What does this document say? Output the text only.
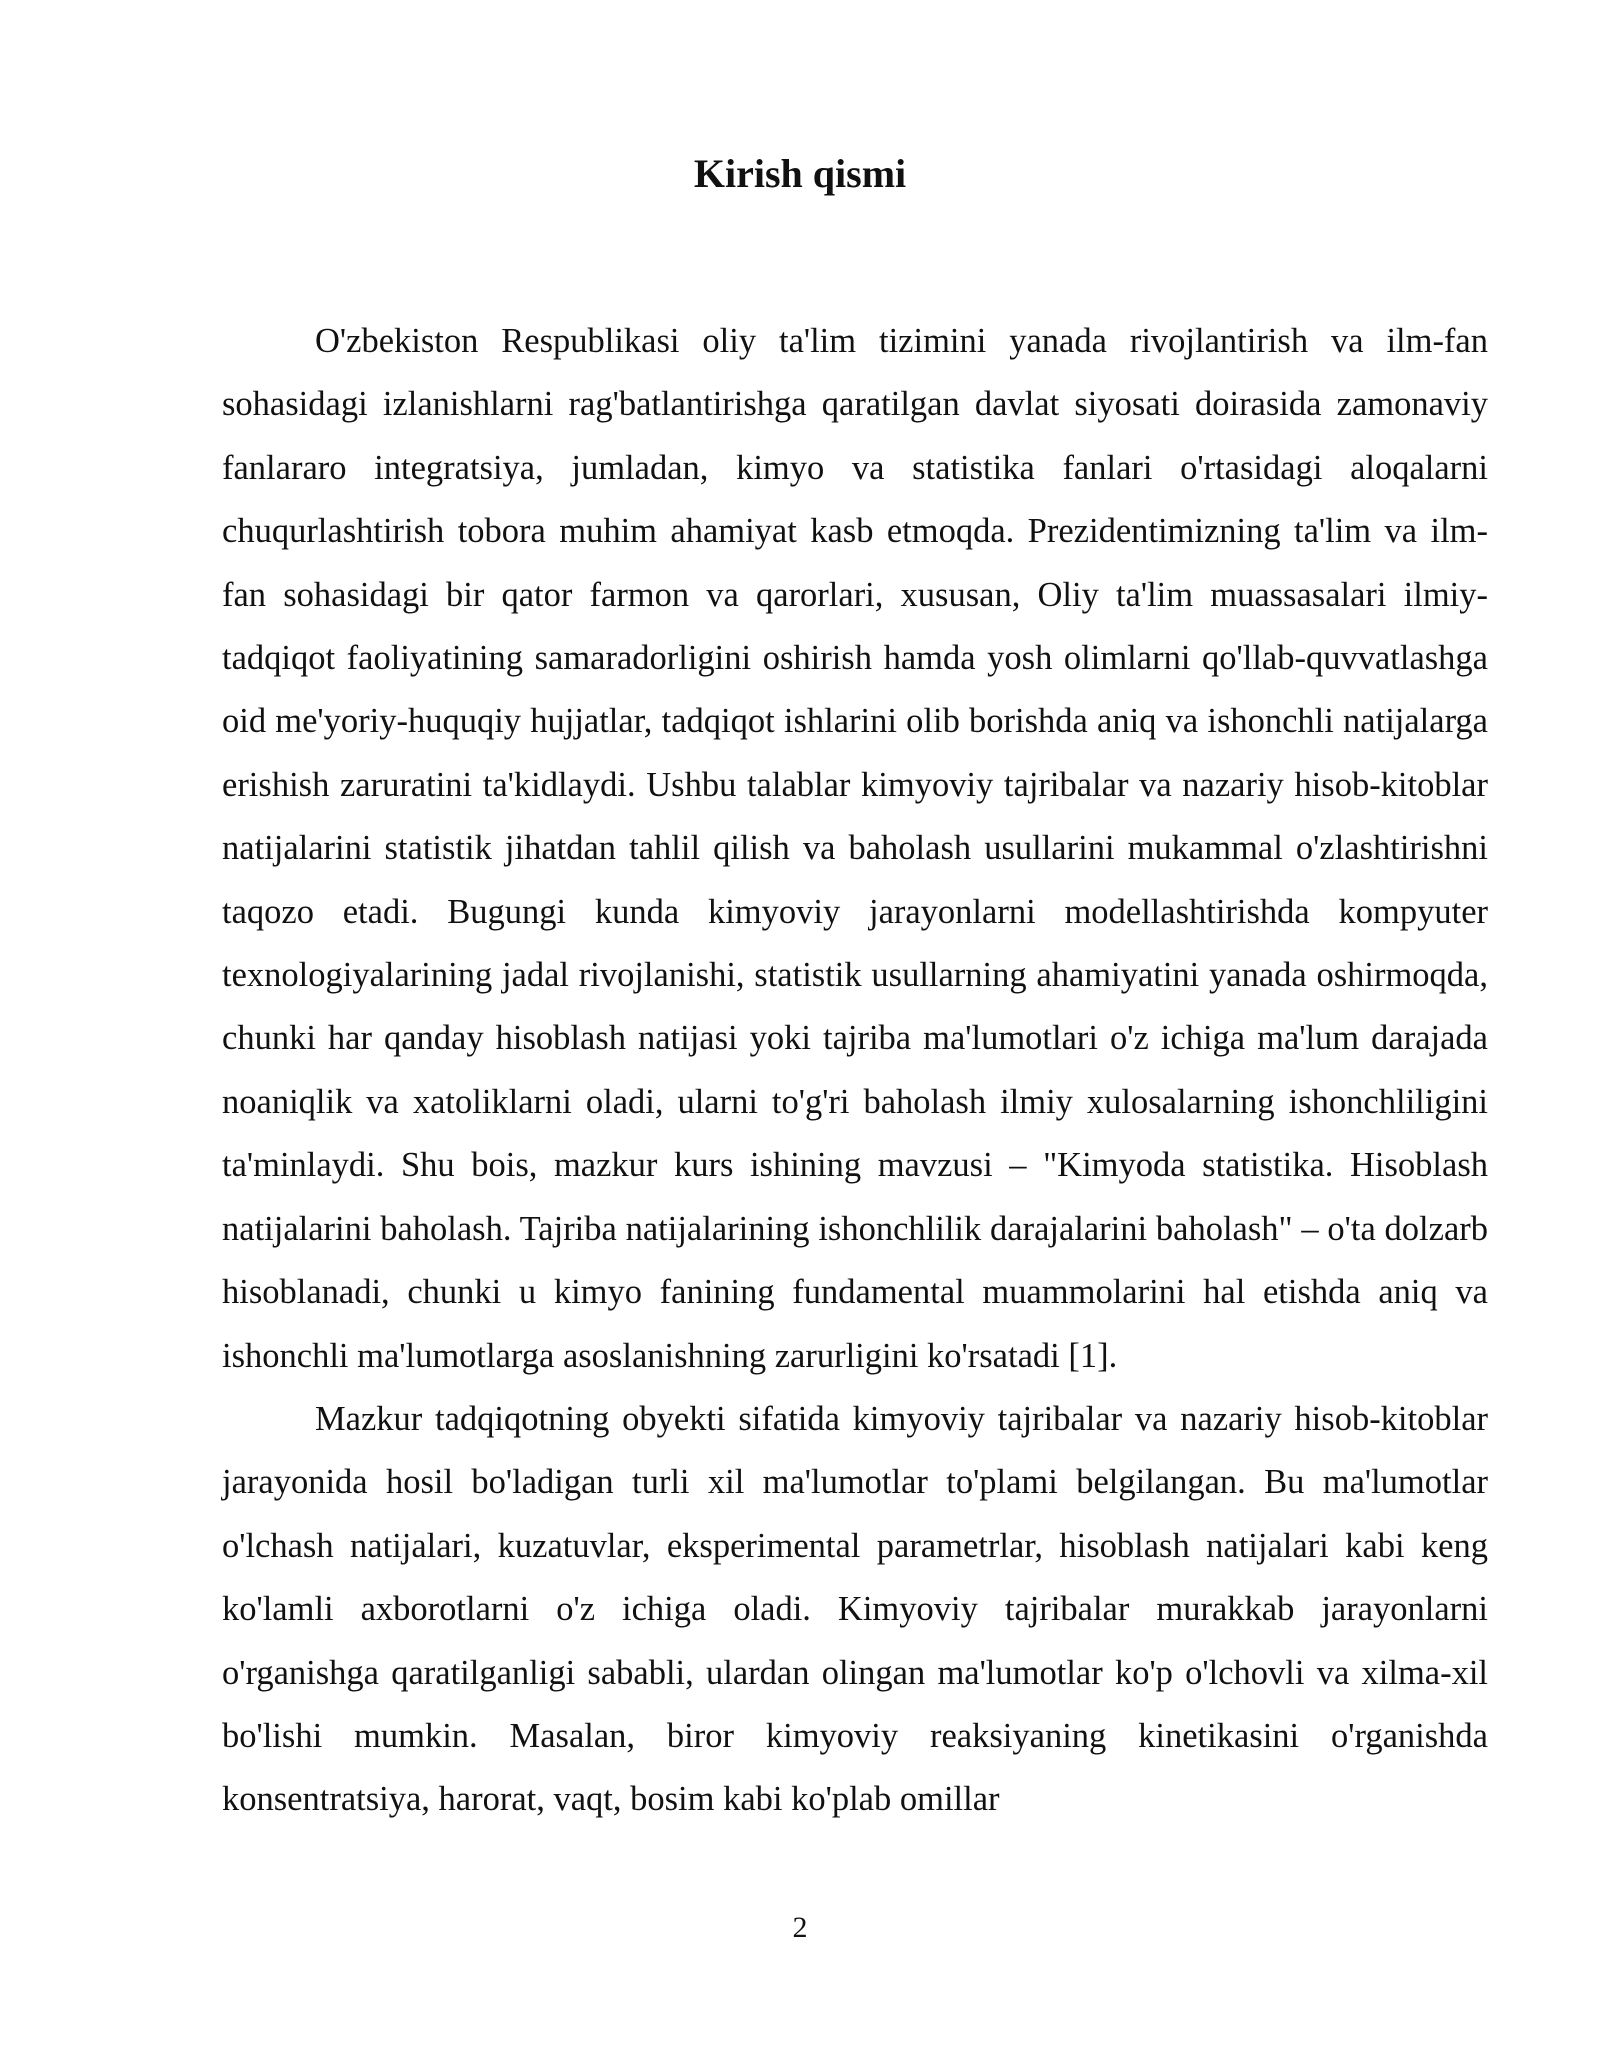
Kirish qismi

O'zbekiston Respublikasi oliy ta'lim tizimini yanada rivojlantirish va ilm-fan sohasidagi izlanishlarni rag'batlantirishga qaratilgan davlat siyosati doirasida zamonaviy fanlararo integratsiya, jumladan, kimyo va statistika fanlari o'rtasidagi aloqalarni chuqurlashtirish tobora muhim ahamiyat kasb etmoqda. Prezidentimizning ta'lim va ilm-fan sohasidagi bir qator farmon va qarorlari, xususan, Oliy ta'lim muassasalari ilmiy-tadqiqot faoliyatining samaradorligini oshirish hamda yosh olimlarni qo'llab-quvvatlashga oid me'yoriy-huquqiy hujjatlar, tadqiqot ishlarini olib borishda aniq va ishonchli natijalarga erishish zaruratini ta'kidlaydi. Ushbu talablar kimyoviy tajribalar va nazariy hisob-kitoblar natijalarini statistik jihatdan tahlil qilish va baholash usullarini mukammal o'zlashtirishni taqozo etadi. Bugungi kunda kimyoviy jarayonlarni modellashtirishda kompyuter texnologiyalarining jadal rivojlanishi, statistik usullarning ahamiyatini yanada oshirmoqda, chunki har qanday hisoblash natijasi yoki tajriba ma'lumotlari o'z ichiga ma'lum darajada noaniqlik va xatoliklarni oladi, ularni to'g'ri baholash ilmiy xulosalarning ishonchliligini ta'minlaydi. Shu bois, mazkur kurs ishining mavzusi – "Kimyoda statistika. Hisoblash natijalarini baholash. Tajriba natijalarining ishonchlilik darajalarini baholash" – o'ta dolzarb hisoblanadi, chunki u kimyo fanining fundamental muammolarini hal etishda aniq va ishonchli ma'lumotlarga asoslanishning zarurligini ko'rsatadi [1].

Mazkur tadqiqotning obyekti sifatida kimyoviy tajribalar va nazariy hisob-kitoblar jarayonida hosil bo'ladigan turli xil ma'lumotlar to'plami belgilangan. Bu ma'lumotlar o'lchash natijalari, kuzatuvlar, eksperimental parametrlar, hisoblash natijalari kabi keng ko'lamli axborotlarni o'z ichiga oladi. Kimyoviy tajribalar murakkab jarayonlarni o'rganishga qaratilganligi sababli, ulardan olingan ma'lumotlar ko'p o'lchovli va xilma-xil bo'lishi mumkin. Masalan, biror kimyoviy reaksiyaning kinetikasini o'rganishda konsentratsiya, harorat, vaqt, bosim kabi ko'plab omillar

2
